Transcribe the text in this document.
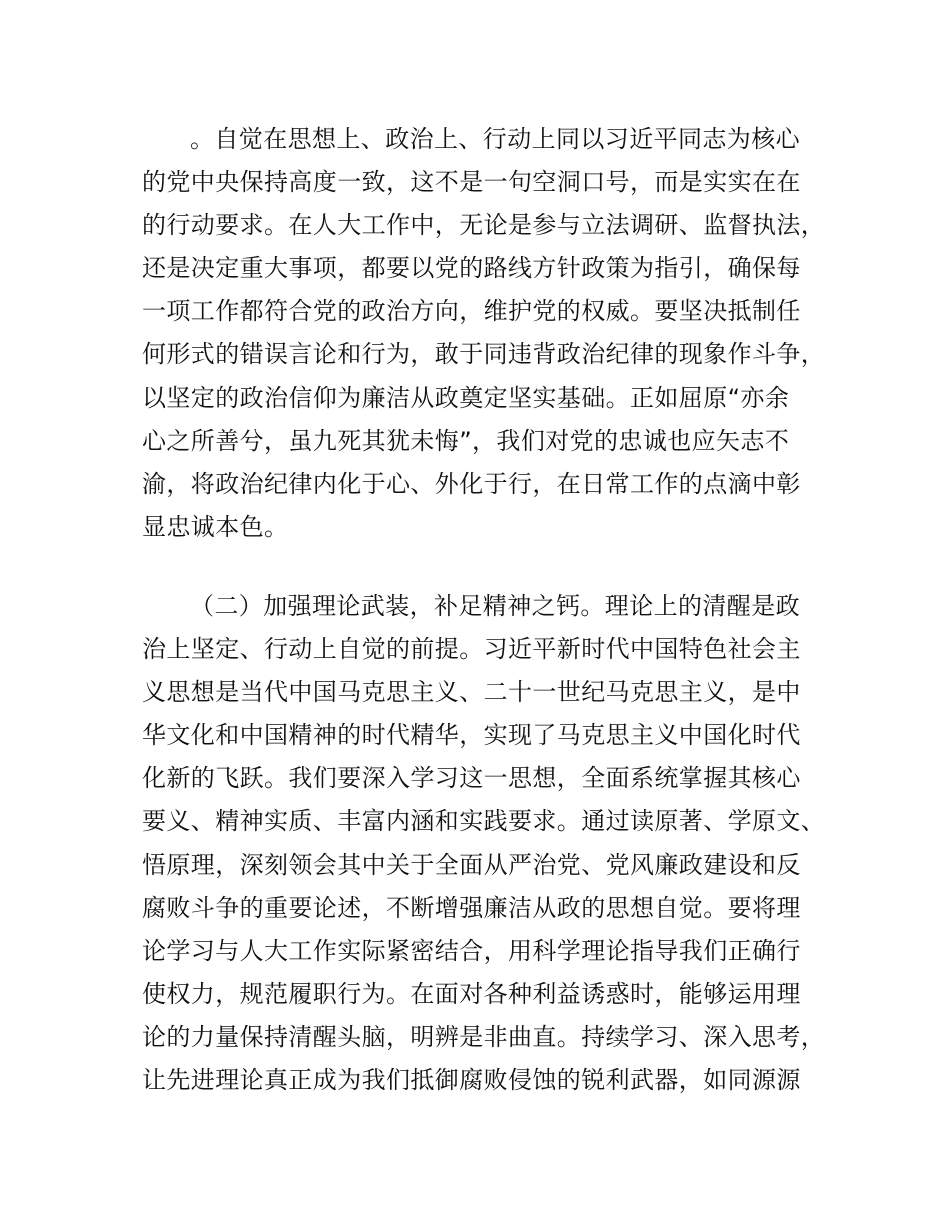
。自觉在思想上、政治上、行动上同以习近平同志为核心
的党中央保持高度一致，这不是一句空洞口号，而是实实在在
的行动要求。在人大工作中，无论是参与立法调研、监督执法，
还是决定重大事项，都要以党的路线方针政策为指引，确保每
一项工作都符合党的政治方向，维护党的权威。要坚决抵制任
何形式的错误言论和行为，敢于同违背政治纪律的现象作斗争，
以坚定的政治信仰为廉洁从政奠定坚实基础。正如屈原“亦余
心之所善兮，虽九死其犹未悔”，我们对党的忠诚也应矢志不
渝，将政治纪律内化于心、外化于行，在日常工作的点滴中彰
显忠诚本色。
（二）加强理论武装，补足精神之钙。理论上的清醒是政
治上坚定、行动上自觉的前提。习近平新时代中国特色社会主
义思想是当代中国马克思主义、二十一世纪马克思主义，是中
华文化和中国精神的时代精华，实现了马克思主义中国化时代
化新的飞跃。我们要深入学习这一思想，全面系统掌握其核心
要义、精神实质、丰富内涵和实践要求。通过读原著、学原文、
悟原理，深刻领会其中关于全面从严治党、党风廉政建设和反
腐败斗争的重要论述，不断增强廉洁从政的思想自觉。要将理
论学习与人大工作实际紧密结合，用科学理论指导我们正确行
使权力，规范履职行为。在面对各种利益诱惑时，能够运用理
论的力量保持清醒头脑，明辨是非曲直。持续学习、深入思考，
让先进理论真正成为我们抵御腐败侵蚀的锐利武器，如同源源
